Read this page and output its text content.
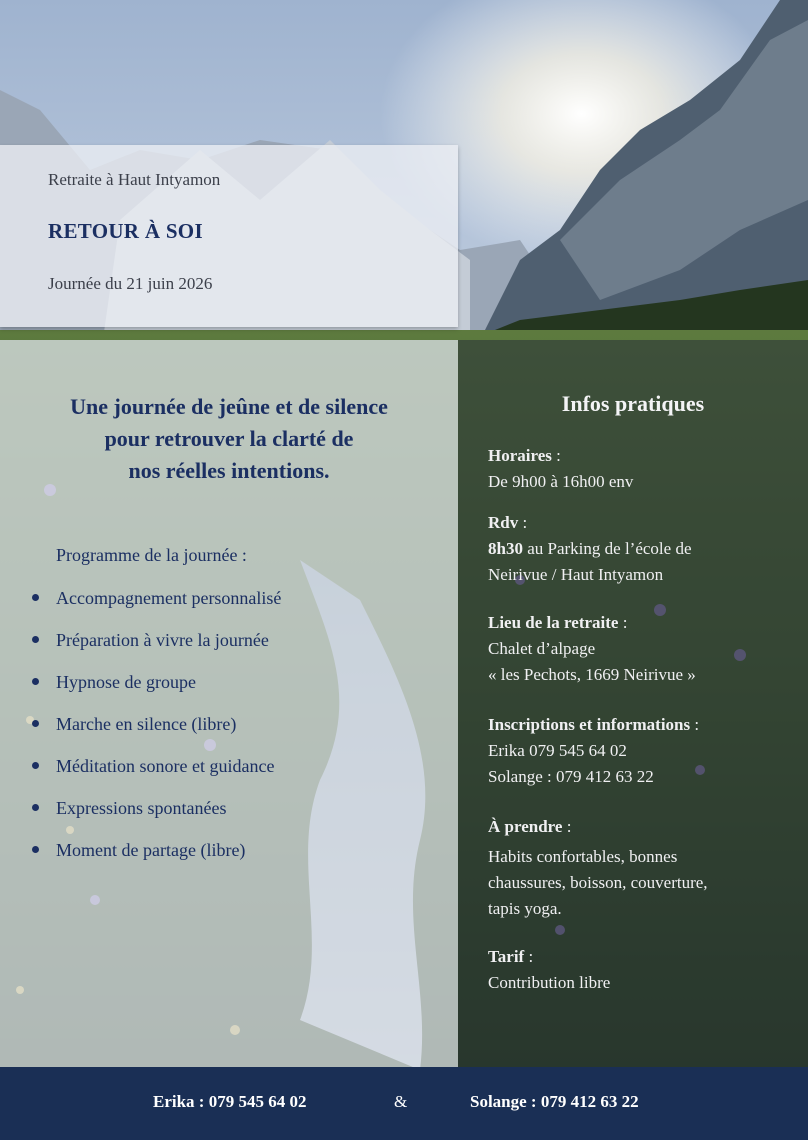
Retraite à Haut Intyamon
RETOUR À SOI
Journée du 21 juin 2026
Une journée de jeûne et de silence
pour retrouver la clarté de
nos réelles intentions.
Programme de la journée :
Accompagnement personnalisé
Préparation à vivre la journée
Hypnose de groupe
Marche en silence (libre)
Méditation sonore et guidance
Expressions spontanées
Moment de partage (libre)
Infos pratiques
Horaires :
De 9h00 à 16h00 env
Rdv :
8h30 au Parking de l’école de
Neirivue / Haut Intyamon
Lieu de la retraite :
Chalet d’alpage
« les Pechots, 1669 Neirivue »
Inscriptions et informations :
Erika 079 545 64 02
Solange : 079 412 63 22
À prendre :
Habits confortables, bonnes
chaussures, boisson, couverture,
tapis yoga.
Tarif :
Contribution libre
Erika : 079 545 64 02	&	Solange : 079 412 63 22
